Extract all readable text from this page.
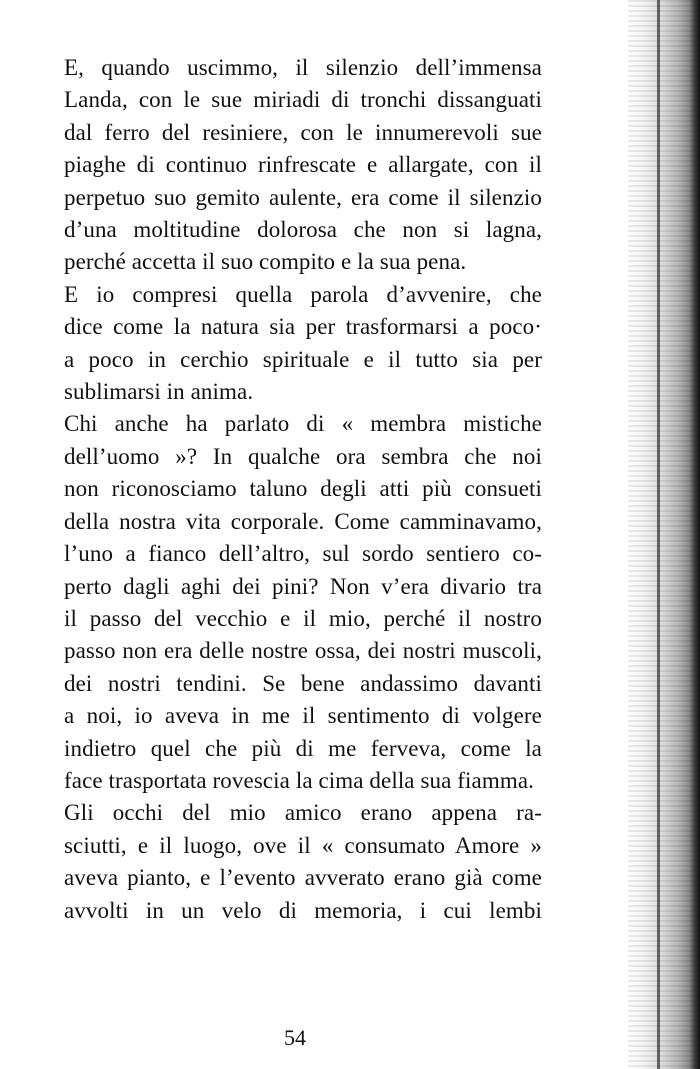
E, quando uscimmo, il silenzio dell’immensa
Landa, con le sue miriadi di tronchi dissanguati
dal ferro del resiniere, con le innumerevoli sue
piaghe di continuo rinfrescate e allargate, con il
perpetuo suo gemito aulente, era come il silenzio
d’una moltitudine dolorosa che non si lagna,
perché accetta il suo compito e la sua pena.

E io compresi quella parola d’avvenire, che
dice come la natura sia per trasformarsi a poco·
a poco in cerchio spirituale e il tutto sia per
sublimarsi in anima.

Chi anche ha parlato di « membra mistiche
dell’uomo »? In qualche ora sembra che noi
non riconosciamo taluno degli atti più consueti
della nostra vita corporale. Come camminavamo,
l’uno a fianco dell’altro, sul sordo sentiero co-
perto dagli aghi dei pini? Non v’era divario tra
il passo del vecchio e il mio, perché il nostro
passo non era delle nostre ossa, dei nostri muscoli,
dei nostri tendini. Se bene andassimo davanti
a noi, io aveva in me il sentimento di volgere
indietro quel che più di me ferveva, come la
face trasportata rovescia la cima della sua fiamma.

Gli occhi del mio amico erano appena ra-
sciutti, e il luogo, ove il « consumato Amore »
aveva pianto, e l’evento avverato erano già come
avvolti in un velo di memoria, i cui lembi

54
